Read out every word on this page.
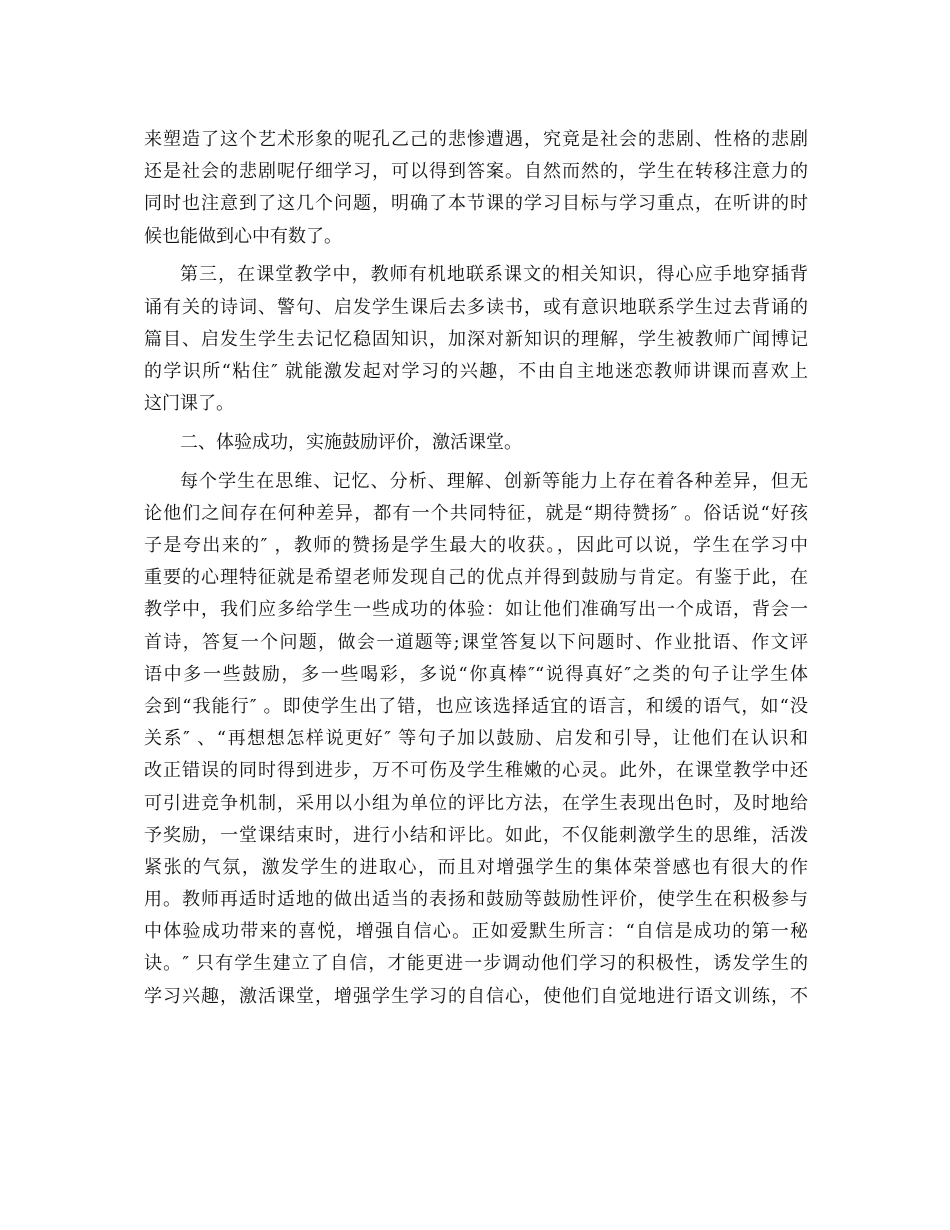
来塑造了这个艺术形象的呢孔乙己的悲惨遭遇，究竟是社会的悲剧、性格的悲剧
还是社会的悲剧呢仔细学习，可以得到答案。自然而然的，学生在转移注意力的
同时也注意到了这几个问题，明确了本节课的学习目标与学习重点，在听讲的时
候也能做到心中有数了。

第三，在课堂教学中，教师有机地联系课文的相关知识，得心应手地穿插背
诵有关的诗词、警句、启发学生课后去多读书，或有意识地联系学生过去背诵的
篇目、启发生学生去记忆稳固知识，加深对新知识的理解，学生被教师广闻博记
的学识所“粘住″ 就能激发起对学习的兴趣，不由自主地迷恋教师讲课而喜欢上
这门课了。

二、体验成功，实施鼓励评价，激活课堂。

每个学生在思维、记忆、分析、理解、创新等能力上存在着各种差异，但无
论他们之间存在何种差异，都有一个共同特征，就是“期待赞扬″ 。俗话说“好孩
子是夸出来的″ ，教师的赞扬是学生最大的收获。，因此可以说，学生在学习中
重要的心理特征就是希望老师发现自己的优点并得到鼓励与肯定。有鉴于此，在
教学中，我们应多给学生一些成功的体验：如让他们准确写出一个成语，背会一
首诗，答复一个问题，做会一道题等;课堂答复以下问题时、作业批语、作文评
语中多一些鼓励，多一些喝彩，多说“你真棒″“说得真好″之类的句子让学生体
会到“我能行″ 。即使学生出了错，也应该选择适宜的语言，和缓的语气，如“没
关系″ 、“再想想怎样说更好″ 等句子加以鼓励、启发和引导，让他们在认识和
改正错误的同时得到进步，万不可伤及学生稚嫩的心灵。此外，在课堂教学中还
可引进竞争机制，采用以小组为单位的评比方法，在学生表现出色时，及时地给
予奖励，一堂课结束时，进行小结和评比。如此，不仅能刺激学生的思维，活泼
紧张的气氛，激发学生的进取心，而且对增强学生的集体荣誉感也有很大的作
用。教师再适时适地的做出适当的表扬和鼓励等鼓励性评价，使学生在积极参与
中体验成功带来的喜悦，增强自信心。正如爱默生所言：“自信是成功的第一秘
诀。″ 只有学生建立了自信，才能更进一步调动他们学习的积极性，诱发学生的
学习兴趣，激活课堂，增强学生学习的自信心，使他们自觉地进行语文训练，不
